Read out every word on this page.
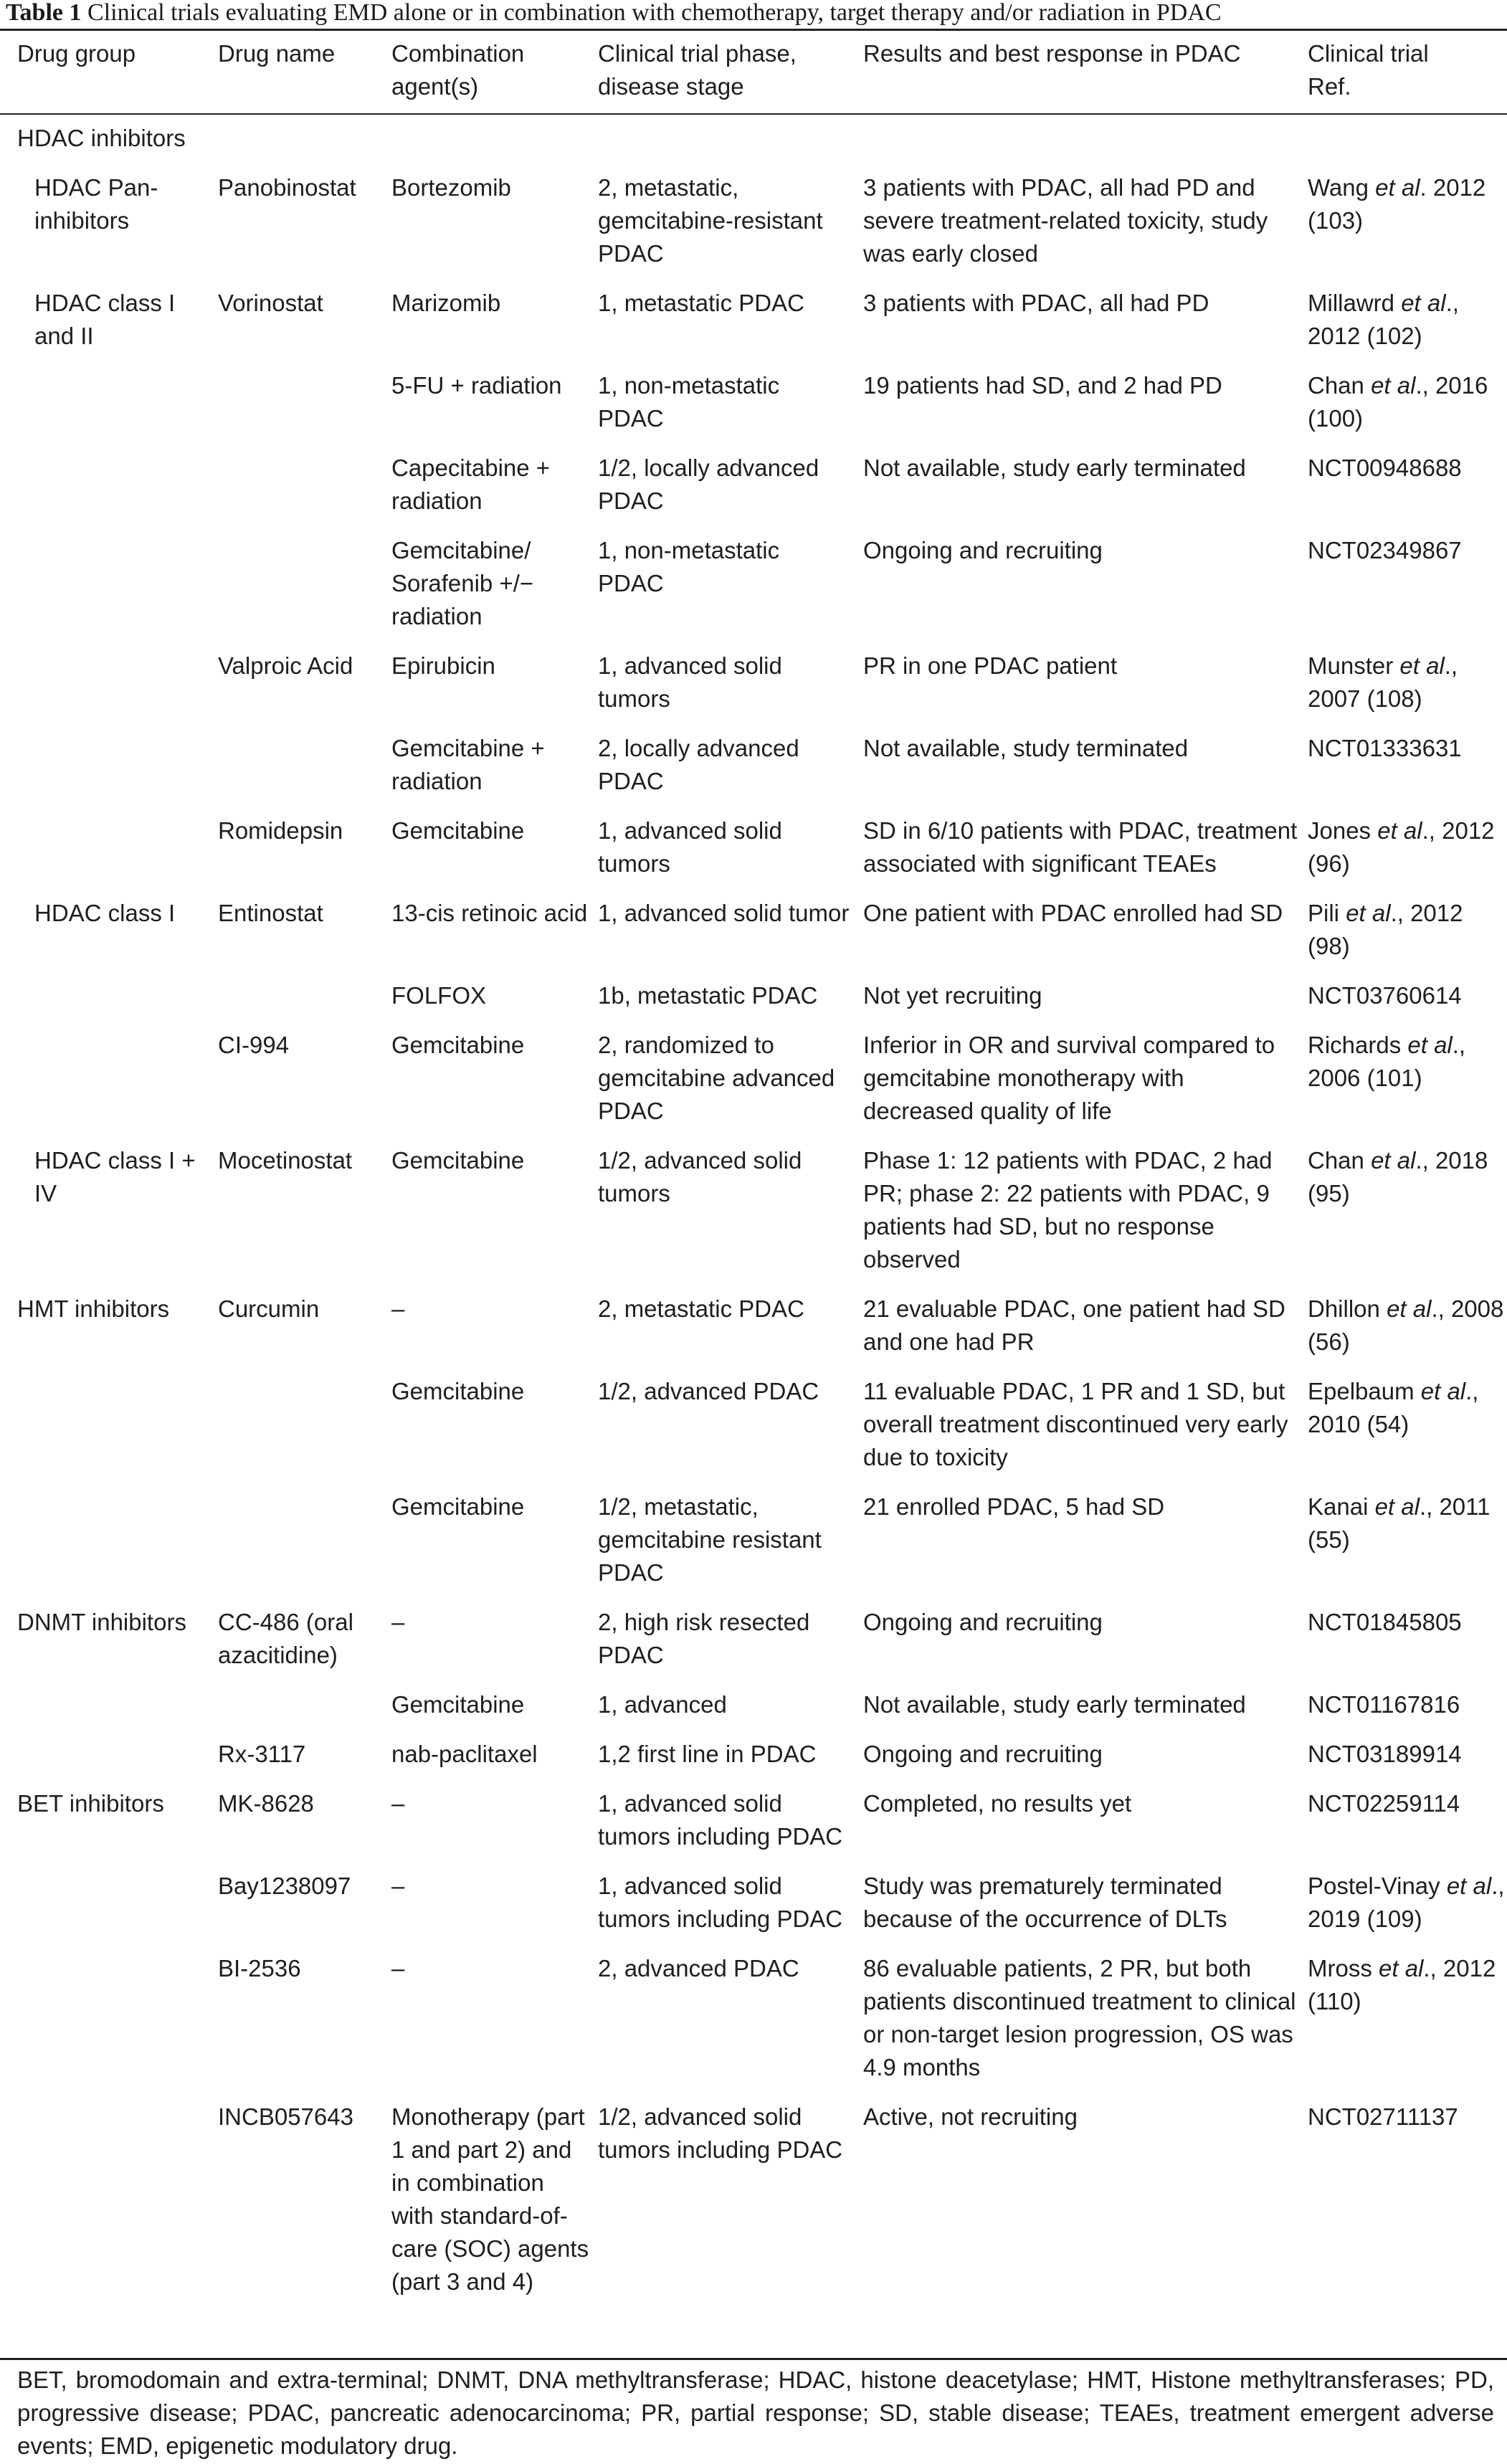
Table 1 Clinical trials evaluating EMD alone or in combination with chemotherapy, target therapy and/or radiation in PDAC
Drug group	Drug name	Combination agent(s)	Clinical trial phase, disease stage	Results and best response in PDAC	Clinical trial Ref.

HDAC inhibitors					

HDAC Pan-inhibitors	Panobinostat	Bortezomib	2, metastatic, gemcitabine-resistant PDAC	3 patients with PDAC, all had PD and severe treatment-related toxicity, study was early closed	Wang et al. 2012 (103)

HDAC class I and II	Vorinostat	Marizomib	1, metastatic PDAC	3 patients with PDAC, all had PD	Millawrd et al., 2012 (102)

		5-FU + radiation	1, non-metastatic PDAC	19 patients had SD, and 2 had PD	Chan et al., 2016 (100)

		Capecitabine + radiation	1/2, locally advanced PDAC	Not available, study early terminated	NCT00948688

		Gemcitabine/ Sorafenib +/− radiation	1, non-metastatic PDAC	Ongoing and recruiting	NCT02349867

	Valproic Acid	Epirubicin	1, advanced solid tumors	PR in one PDAC patient	Munster et al., 2007 (108)

		Gemcitabine + radiation	2, locally advanced PDAC	Not available, study terminated	NCT01333631

	Romidepsin	Gemcitabine	1, advanced solid tumors	SD in 6/10 patients with PDAC, treatment associated with significant TEAEs	Jones et al., 2012 (96)

HDAC class I	Entinostat	13-cis retinoic acid	1, advanced solid tumor	One patient with PDAC enrolled had SD	Pili et al., 2012 (98)

		FOLFOX	1b, metastatic PDAC	Not yet recruiting	NCT03760614

	CI-994	Gemcitabine	2, randomized to gemcitabine advanced PDAC	Inferior in OR and survival compared to gemcitabine monotherapy with decreased quality of life	Richards et al., 2006 (101)

HDAC class I + IV	Mocetinostat	Gemcitabine	1/2, advanced solid tumors	Phase 1: 12 patients with PDAC, 2 had PR; phase 2: 22 patients with PDAC, 9 patients had SD, but no response observed	Chan et al., 2018 (95)

HMT inhibitors	Curcumin	–	2, metastatic PDAC	21 evaluable PDAC, one patient had SD and one had PR	Dhillon et al., 2008 (56)

		Gemcitabine	1/2, advanced PDAC	11 evaluable PDAC, 1 PR and 1 SD, but overall treatment discontinued very early due to toxicity	Epelbaum et al., 2010 (54)

		Gemcitabine	1/2, metastatic, gemcitabine resistant PDAC	21 enrolled PDAC, 5 had SD	Kanai et al., 2011 (55)

DNMT inhibitors	CC-486 (oral azacitidine)	–	2, high risk resected PDAC	Ongoing and recruiting	NCT01845805

		Gemcitabine	1, advanced	Not available, study early terminated	NCT01167816

	Rx-3117	nab-paclitaxel	1,2 first line in PDAC	Ongoing and recruiting	NCT03189914

BET inhibitors	MK-8628	–	1, advanced solid tumors including PDAC	Completed, no results yet	NCT02259114

	Bay1238097	–	1, advanced solid tumors including PDAC	Study was prematurely terminated because of the occurrence of DLTs	Postel-Vinay et al., 2019 (109)

	BI-2536	–	2, advanced PDAC	86 evaluable patients, 2 PR, but both patients discontinued treatment to clinical or non-target lesion progression, OS was 4.9 months	Mross et al., 2012 (110)

	INCB057643	Monotherapy (part 1 and part 2) and in combination with standard-of-care (SOC) agents (part 3 and 4)	1/2, advanced solid tumors including PDAC	Active, not recruiting	NCT02711137
BET, bromodomain and extra-terminal; DNMT, DNA methyltransferase; HDAC, histone deacetylase; HMT, Histone methyltransferases; PD, progressive disease; PDAC, pancreatic adenocarcinoma; PR, partial response; SD, stable disease; TEAEs, treatment emergent adverse events; EMD, epigenetic modulatory drug.
